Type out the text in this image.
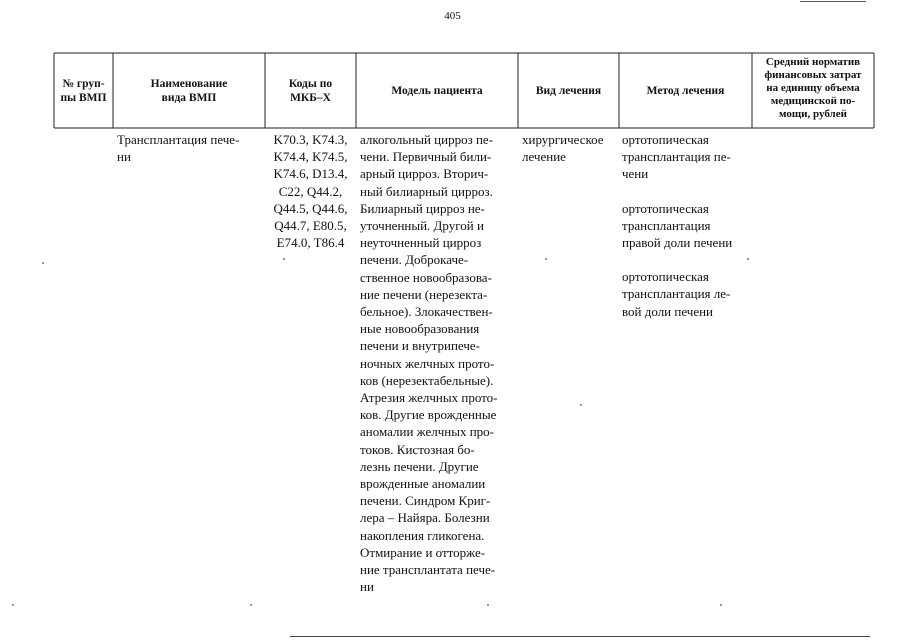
405
№ груп-
пы ВМП
Наименование
вида ВМП
Коды по
МКБ–Х
Модель пациента	Вид лечения	Метод лечения
Средний норматив
финансовых затрат
на единицу объема
медицинской по-
мощи, рублей
Трансплантация пече-
ни
K70.3, K74.3,
K74.4, K74.5,
K74.6, D13.4,
C22, Q44.2,
Q44.5, Q44.6,
Q44.7, E80.5,
E74.0, T86.4
алкогольный цирроз пе-
чени. Первичный били-
арный цирроз. Вторич-
ный билиарный цирроз.
Билиарный цирроз не-
уточненный. Другой и
неуточненный цирроз
печени. Доброкаче-
ственное новообразова-
ние печени (нерезекта-
бельное). Злокачествен-
ные новообразования
печени и внутрипече-
ночных желчных прото-
ков (нерезектабельные).
Атрезия желчных прото-
ков. Другие врожденные
аномалии желчных про-
токов. Кистозная бо-
лезнь печени. Другие
врожденные аномалии
печени. Синдром Криг-
лера – Найяра. Болезни
накопления гликогена.
Отмирание и отторже-
ние трансплантата пече-
ни
хирургическое
лечение
ортотопическая
трансплантация пе-
чени
ортотопическая
трансплантация
правой доли печени
ортотопическая
трансплантация ле-
вой доли печени
